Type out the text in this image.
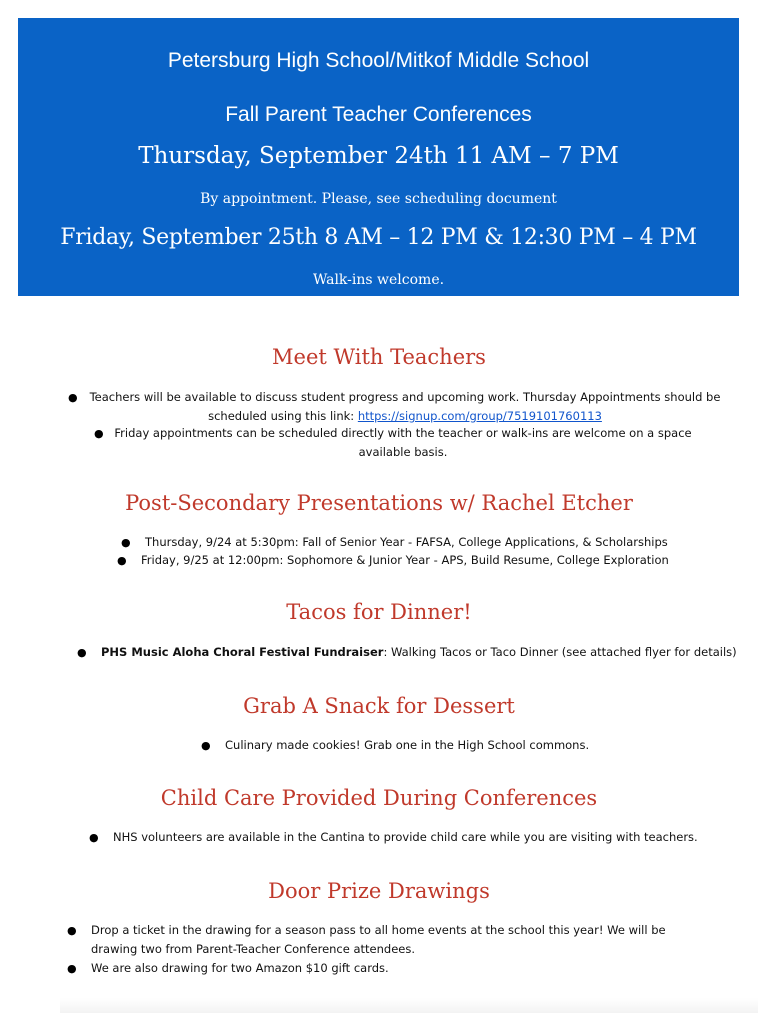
Petersburg High School/Mitkof Middle School
Fall Parent Teacher Conferences
Thursday, September 24th 11 AM – 7 PM
By appointment. Please, see scheduling document
Friday, September 25th 8 AM – 12 PM & 12:30 PM – 4 PM
Walk-ins welcome.
Meet With Teachers
●	Teachers will be available to discuss student progress and upcoming work. Thursday Appointments should be
scheduled using this link: https://signup.com/group/7519101760113
● Friday appointments can be scheduled directly with the teacher or walk-ins are welcome on a space
available basis.
Post-Secondary Presentations w/ Rachel Etcher
● Thursday, 9/24 at 5:30pm: Fall of Senior Year - FAFSA, College Applications, & Scholarships
● Friday, 9/25 at 12:00pm: Sophomore & Junior Year - APS, Build Resume, College Exploration
Tacos for Dinner!
● PHS Music Aloha Choral Festival Fundraiser: Walking Tacos or Taco Dinner (see attached flyer for details)
Grab A Snack for Dessert
● Culinary made cookies! Grab one in the High School commons.
Child Care Provided During Conferences
● NHS volunteers are available in the Cantina to provide child care while you are visiting with teachers.
Door Prize Drawings
● Drop a ticket in the drawing for a season pass to all home events at the school this year! We will be
drawing two from Parent-Teacher Conference attendees.
● We are also drawing for two Amazon $10 gift cards.
